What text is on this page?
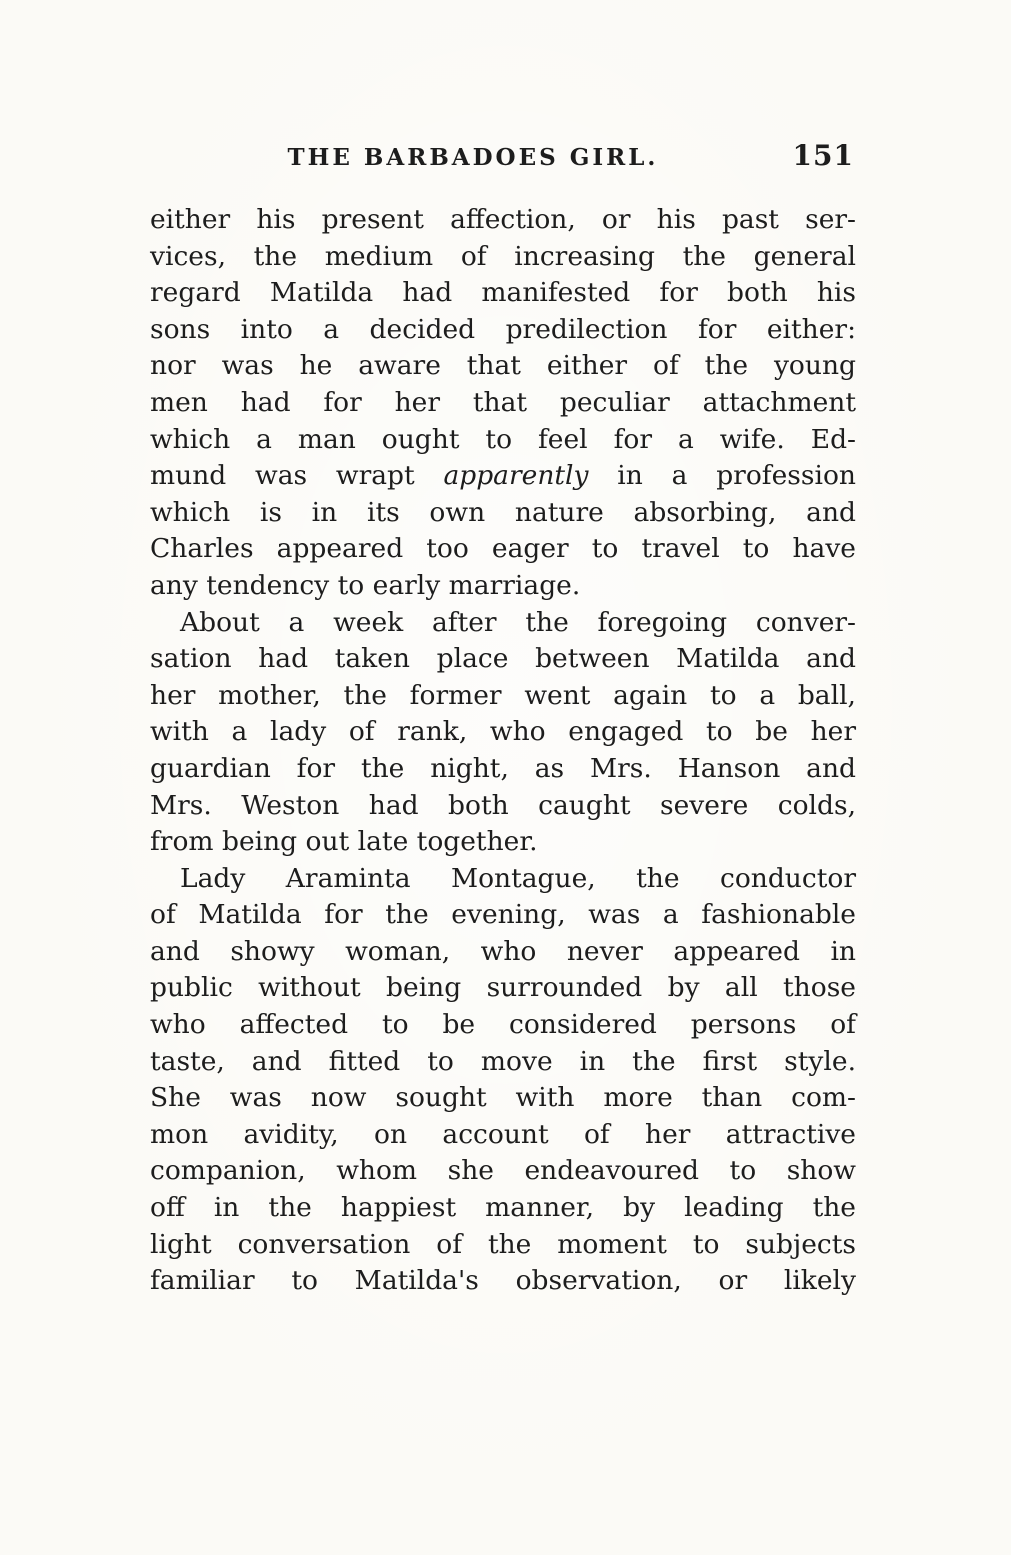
THE BARBADOES GIRL.	151
either his present affection, or his past ser-
vices, the medium of increasing the general
regard Matilda had manifested for both his
sons into a decided predilection for either:
nor was he aware that either of the young
men had for her that peculiar attachment
which a man ought to feel for a wife. Ed-
mund was wrapt apparently in a profession
which is in its own nature absorbing, and
Charles appeared too eager to travel to have
any tendency to early marriage.
About a week after the foregoing conver-
sation had taken place between Matilda and
her mother, the former went again to a ball,
with a lady of rank, who engaged to be her
guardian for the night, as Mrs. Hanson and
Mrs. Weston had both caught severe colds,
from being out late together.
Lady Araminta Montague, the conductor
of Matilda for the evening, was a fashionable
and showy woman, who never appeared in
public without being surrounded by all those
who affected to be considered persons of
taste, and fitted to move in the first style.
She was now sought with more than com-
mon avidity, on account of her attractive
companion, whom she endeavoured to show
off in the happiest manner, by leading the
light conversation of the moment to subjects
familiar to Matilda's observation, or likely
